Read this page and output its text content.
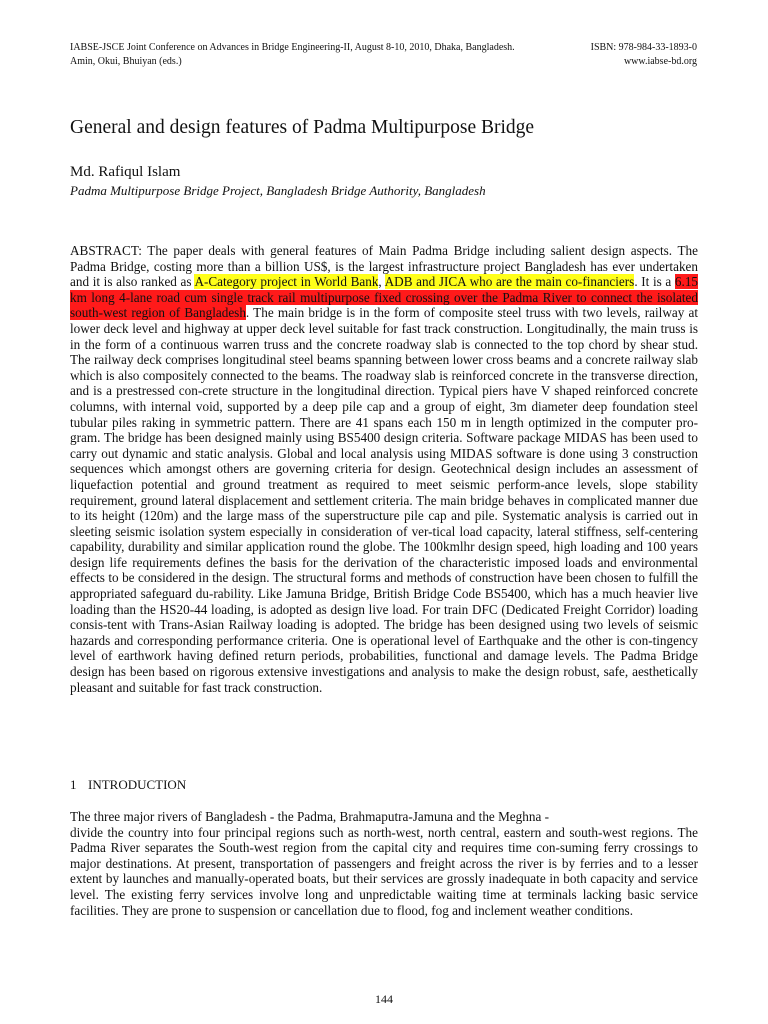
IABSE-JSCE Joint Conference on Advances in Bridge Engineering-II, August 8-10, 2010, Dhaka, Bangladesh.
Amin, Okui, Bhuiyan (eds.)
ISBN: 978-984-33-1893-0
www.iabse-bd.org
General and design features of Padma Multipurpose Bridge
Md. Rafiqul Islam
Padma Multipurpose Bridge Project, Bangladesh Bridge Authority, Bangladesh
ABSTRACT: The paper deals with general features of Main Padma Bridge including salient design aspects. The Padma Bridge, costing more than a billion US$, is the largest infrastructure project Bangladesh has ever undertaken and it is also ranked as A-Category project in World Bank, ADB and JICA who are the main co-financiers. It is a 6.15 km long 4-lane road cum single track rail multipurpose fixed crossing over the Padma River to connect the isolated south-west region of Bangladesh. The main bridge is in the form of composite steel truss with two levels, railway at lower deck level and highway at upper deck level suitable for fast track construction. Longitudinally, the main truss is in the form of a continuous warren truss and the concrete roadway slab is connected to the top chord by shear stud. The railway deck comprises longitudinal steel beams spanning between lower cross beams and a concrete railway slab which is also compositely connected to the beams. The roadway slab is reinforced concrete in the transverse direction, and is a prestressed con-crete structure in the longitudinal direction. Typical piers have V shaped reinforced concrete columns, with internal void, supported by a deep pile cap and a group of eight, 3m diameter deep foundation steel tubular piles raking in symmetric pattern. There are 41 spans each 150 m in length optimized in the computer pro-gram. The bridge has been designed mainly using BS5400 design criteria. Software package MIDAS has been used to carry out dynamic and static analysis. Global and local analysis using MIDAS software is done using 3 construction sequences which amongst others are governing criteria for design. Geotechnical design includes an assessment of liquefaction potential and ground treatment as required to meet seismic perform-ance levels, slope stability requirement, ground lateral displacement and settlement criteria. The main bridge behaves in complicated manner due to its height (120m) and the large mass of the superstructure pile cap and pile. Systematic analysis is carried out in sleeting seismic isolation system especially in consideration of ver-tical load capacity, lateral stiffness, self-centering capability, durability and similar application round the globe. The 100kmlhr design speed, high loading and 100 years design life requirements defines the basis for the derivation of the characteristic imposed loads and environmental effects to be considered in the design. The structural forms and methods of construction have been chosen to fulfill the appropriated safeguard du-rability. Like Jamuna Bridge, British Bridge Code BS5400, which has a much heavier live loading than the HS20-44 loading, is adopted as design live load. For train DFC (Dedicated Freight Corridor) loading consis-tent with Trans-Asian Railway loading is adopted. The bridge has been designed using two levels of seismic hazards and corresponding performance criteria. One is operational level of Earthquake and the other is con-tingency level of earthwork having defined return periods, probabilities, functional and damage levels. The Padma Bridge design has been based on rigorous extensive investigations and analysis to make the design robust, safe, aesthetically pleasant and suitable for fast track construction.
1 INTRODUCTION
The three major rivers of Bangladesh - the Padma, Brahmaputra-Jamuna and the Meghna -
divide the country into four principal regions such as north-west, north central, eastern and south-west regions. The Padma River separates the South-west region from the capital city and requires time con-suming ferry crossings to major destinations. At present, transportation of passengers and freight across the river is by ferries and to a lesser extent by launches and manually-operated boats, but their services are grossly inadequate in both capacity and service level. The existing ferry services involve long and unpredictable waiting time at terminals lacking basic service facilities. They are prone to suspension or cancellation due to flood, fog and inclement weather conditions.
144
